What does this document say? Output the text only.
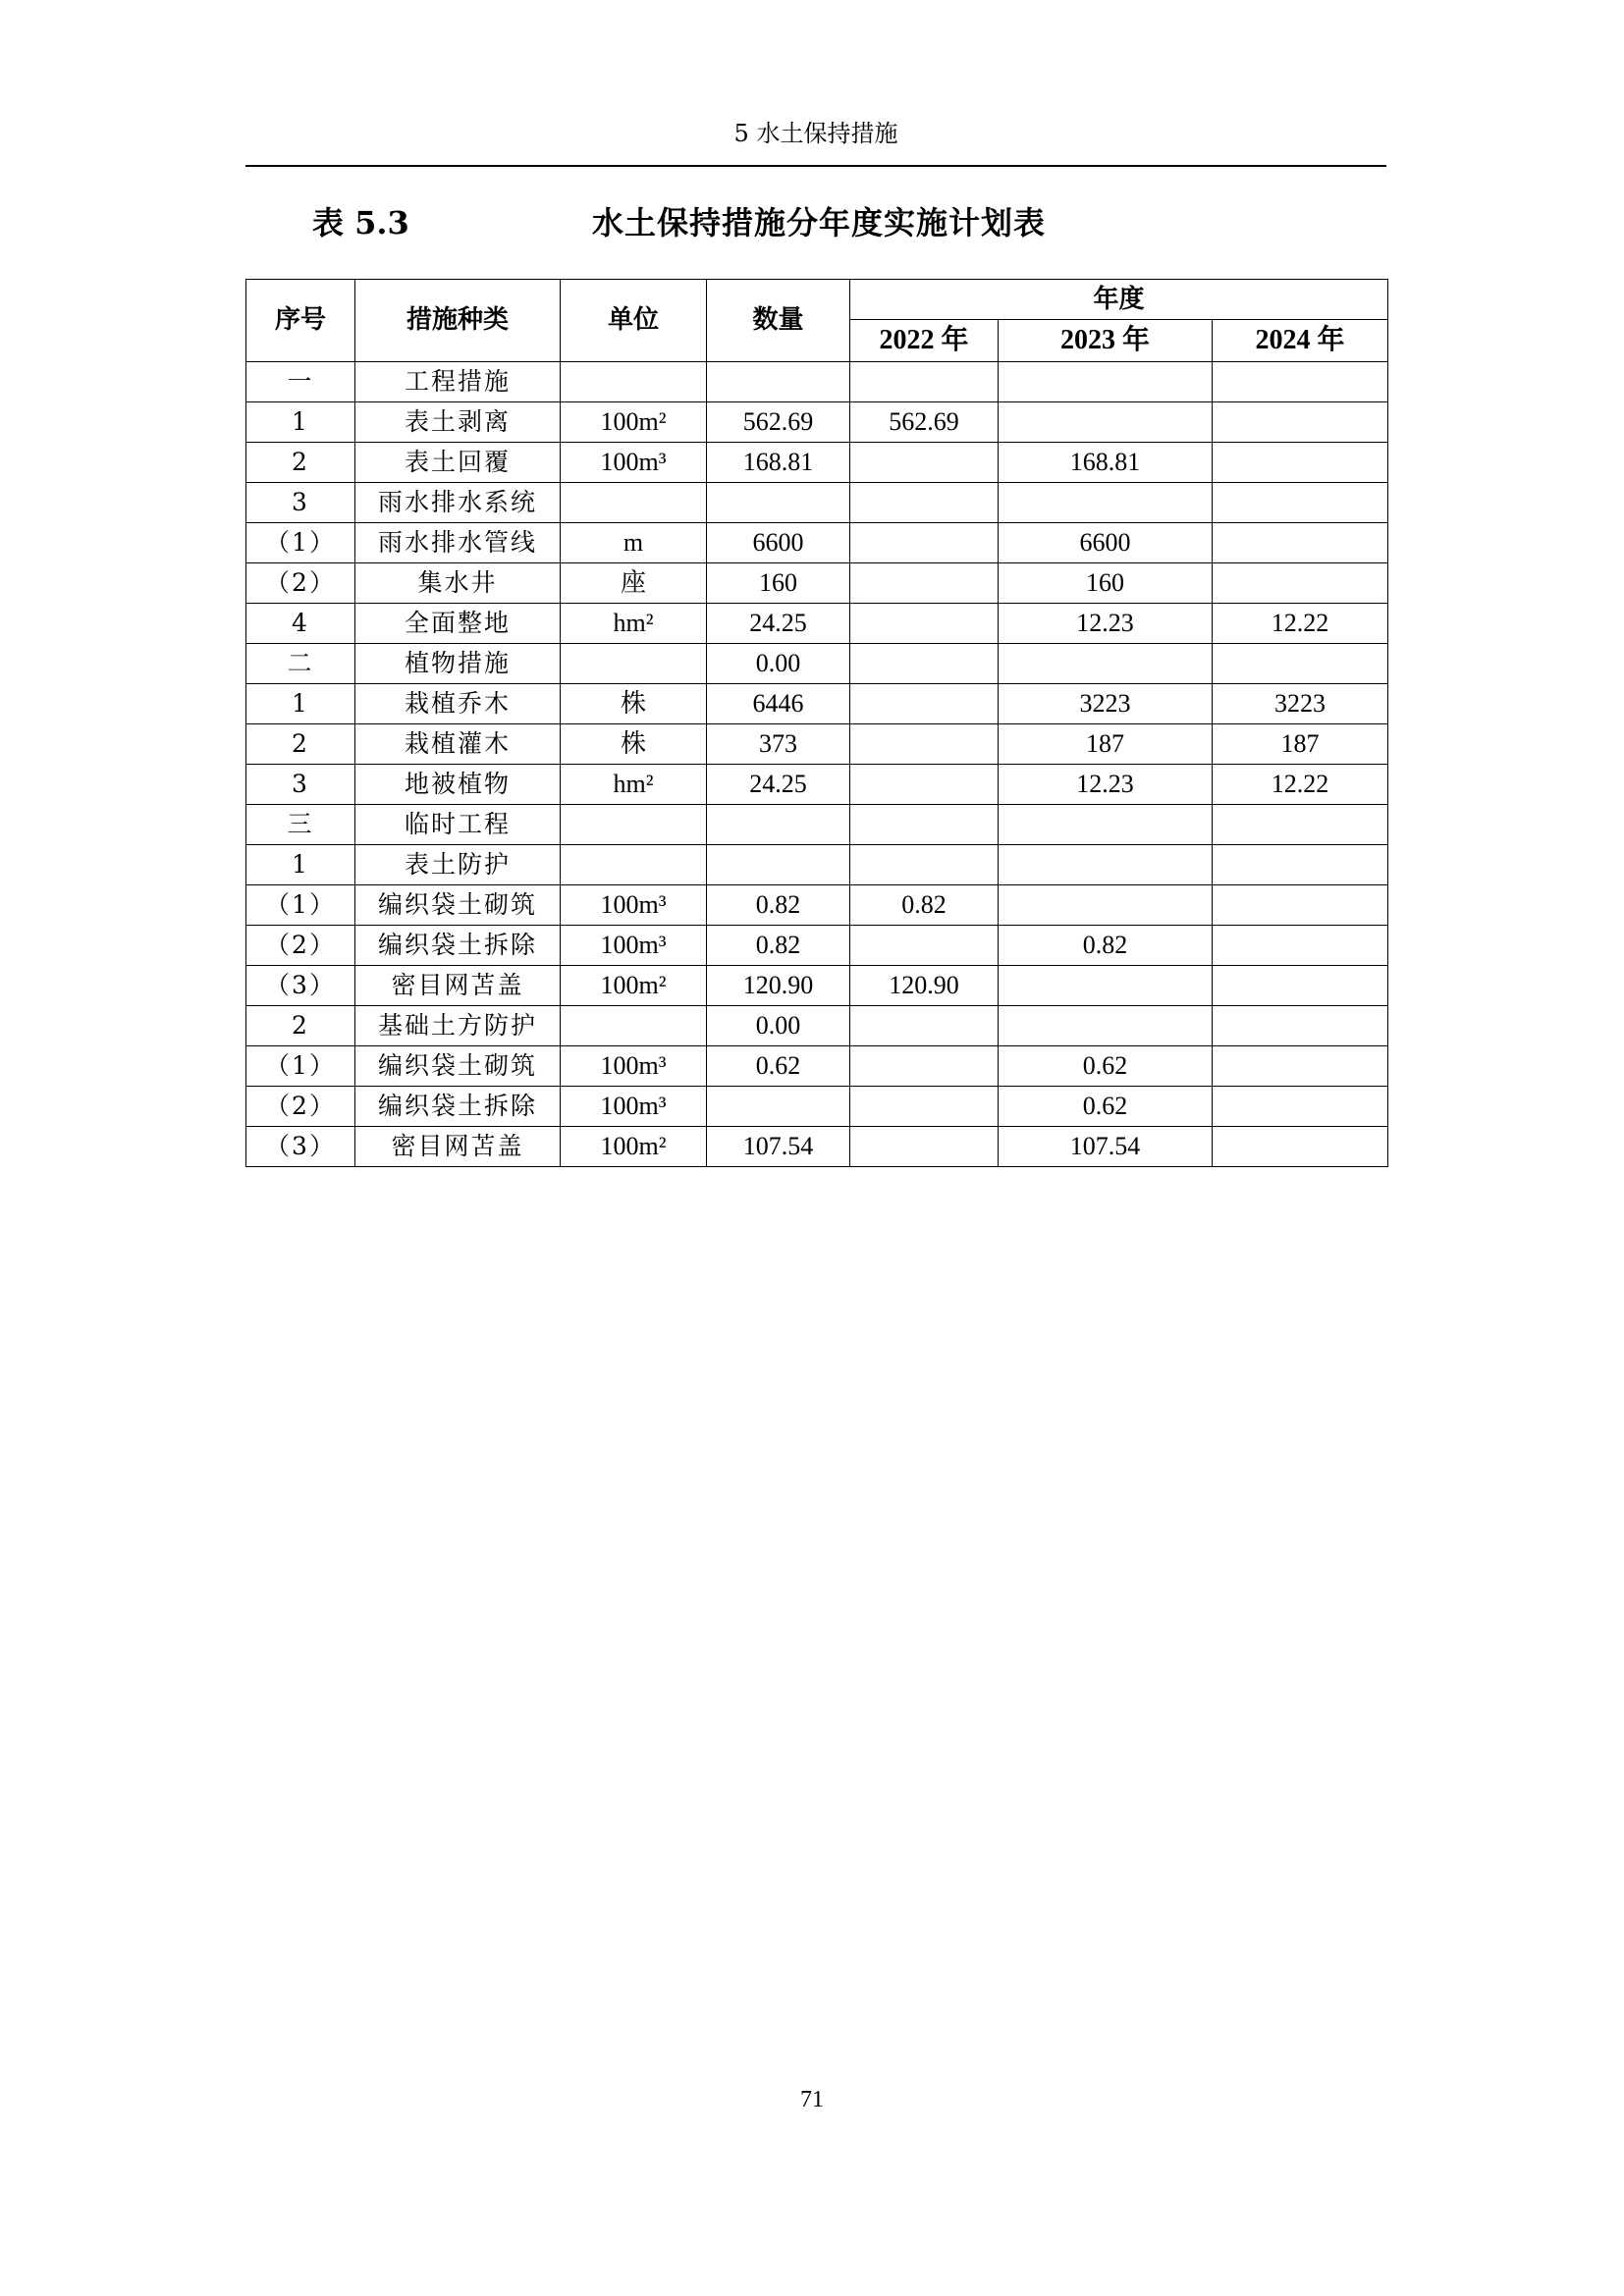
5 水土保持措施
表 5.3	水土保持措施分年度实施计划表
序号	措施种类	单位	数量	年度		
				2022 年	2023 年	2024 年
一	工程措施					
1	表土剥离	100m²	562.69	562.69		
2	表土回覆	100m³	168.81		168.81	
3	雨水排水系统					
（1）	雨水排水管线	m	6600		6600	
（2）	集水井	座	160		160	
4	全面整地	hm²	24.25		12.23	12.22
二	植物措施		0.00			
1	栽植乔木	株	6446		3223	3223
2	栽植灌木	株	373		187	187
3	地被植物	hm²	24.25		12.23	12.22
三	临时工程					
1	表土防护					
（1）	编织袋土砌筑	100m³	0.82	0.82		
（2）	编织袋土拆除	100m³	0.82		0.82	
（3）	密目网苫盖	100m²	120.90	120.90		
2	基础土方防护		0.00			
（1）	编织袋土砌筑	100m³	0.62		0.62	
（2）	编织袋土拆除	100m³			0.62	
（3）	密目网苫盖	100m²	107.54		107.54	
71
